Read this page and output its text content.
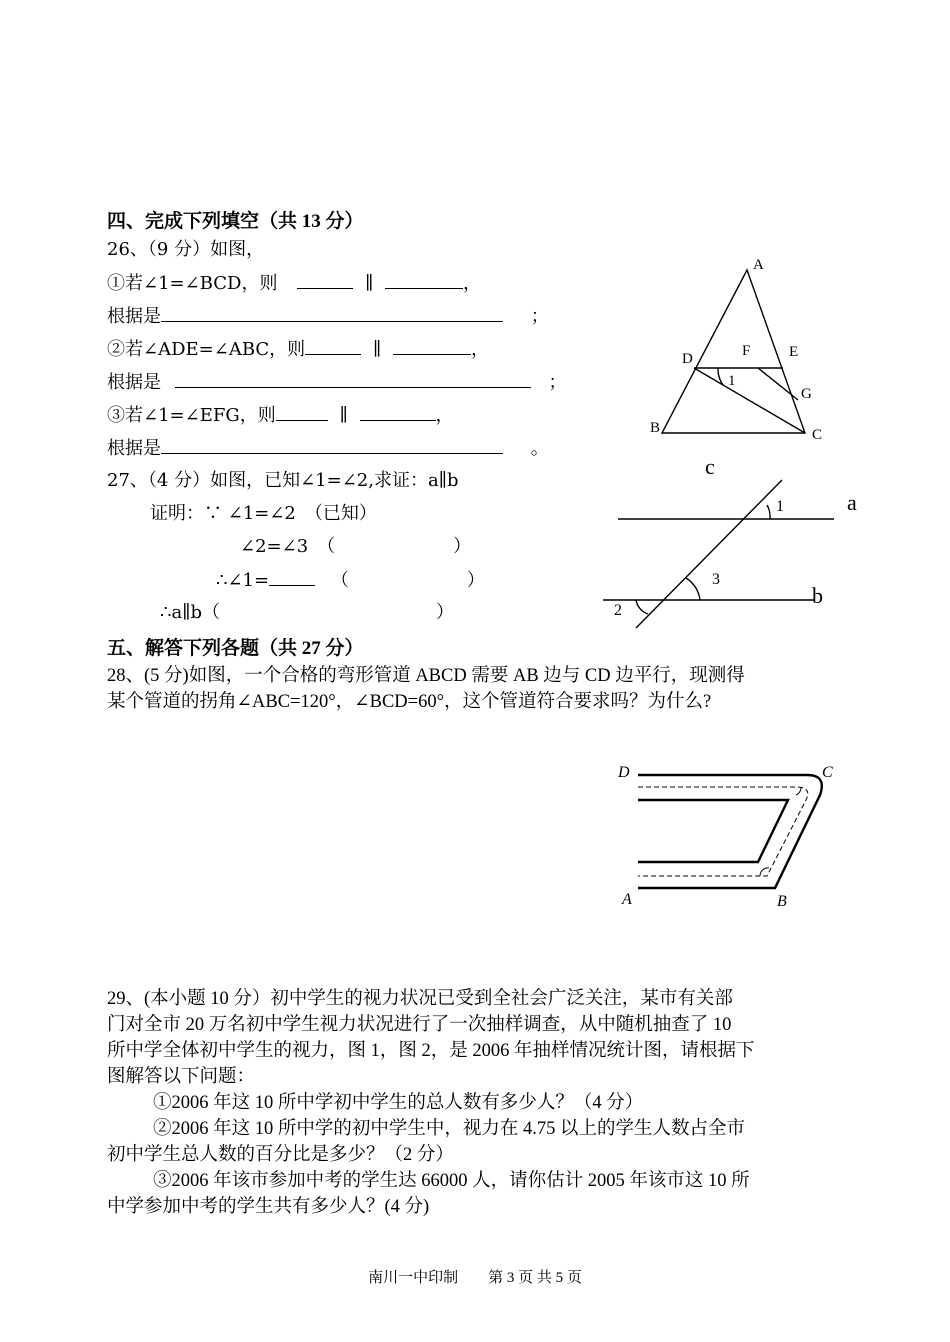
四、完成下列填空（共 13 分）
26、（9 分）如图，
①若∠1=∠BCD，则	∥	，
根据是	；
②若∠ADE=∠ABC，则	∥	，
根据是	；
③若∠1=∠EFG，则	∥	，
根据是	。
27、（4 分）如图，已知∠1=∠2,求证：a∥b
证明：∵ ∠1=∠2　（已知）
∠2=∠3　（	）
∴∠1=	（	）
∴a∥b（	）
五、解答下列各题（共 27 分）

28、(5 分)如图，一个合格的弯形管道 ABCD 需要 AB 边与 CD 边平行，现测得

某个管道的拐角∠ABC=120°，∠BCD=60°，这个管道符合要求吗？为什么?

29、(本小题 10 分）初中学生的视力状况已受到全社会广泛关注，某市有关部

门对全市 20 万名初中学生视力状况进行了一次抽样调查，从中随机抽查了 10

所中学全体初中学生的视力，图 1，图 2，是 2006 年抽样情况统计图，请根据下

图解答以下问题：

①2006 年这 10 所中学初中学生的总人数有多少人？（4 分）

②2006 年这 10 所中学的初中学生中，视力在 4.75 以上的学生人数占全市

初中学生总人数的百分比是多少？（2 分）

③2006 年该市参加中考的学生达 66000 人，请你估计 2005 年该市这 10 所

中学参加中考的学生共有多少人？(4 分)

A
D	F	E
1
G
B	C
c
1	a
3
b
2
D	C
A	B
南川一中印制　　第 3 页 共 5 页
